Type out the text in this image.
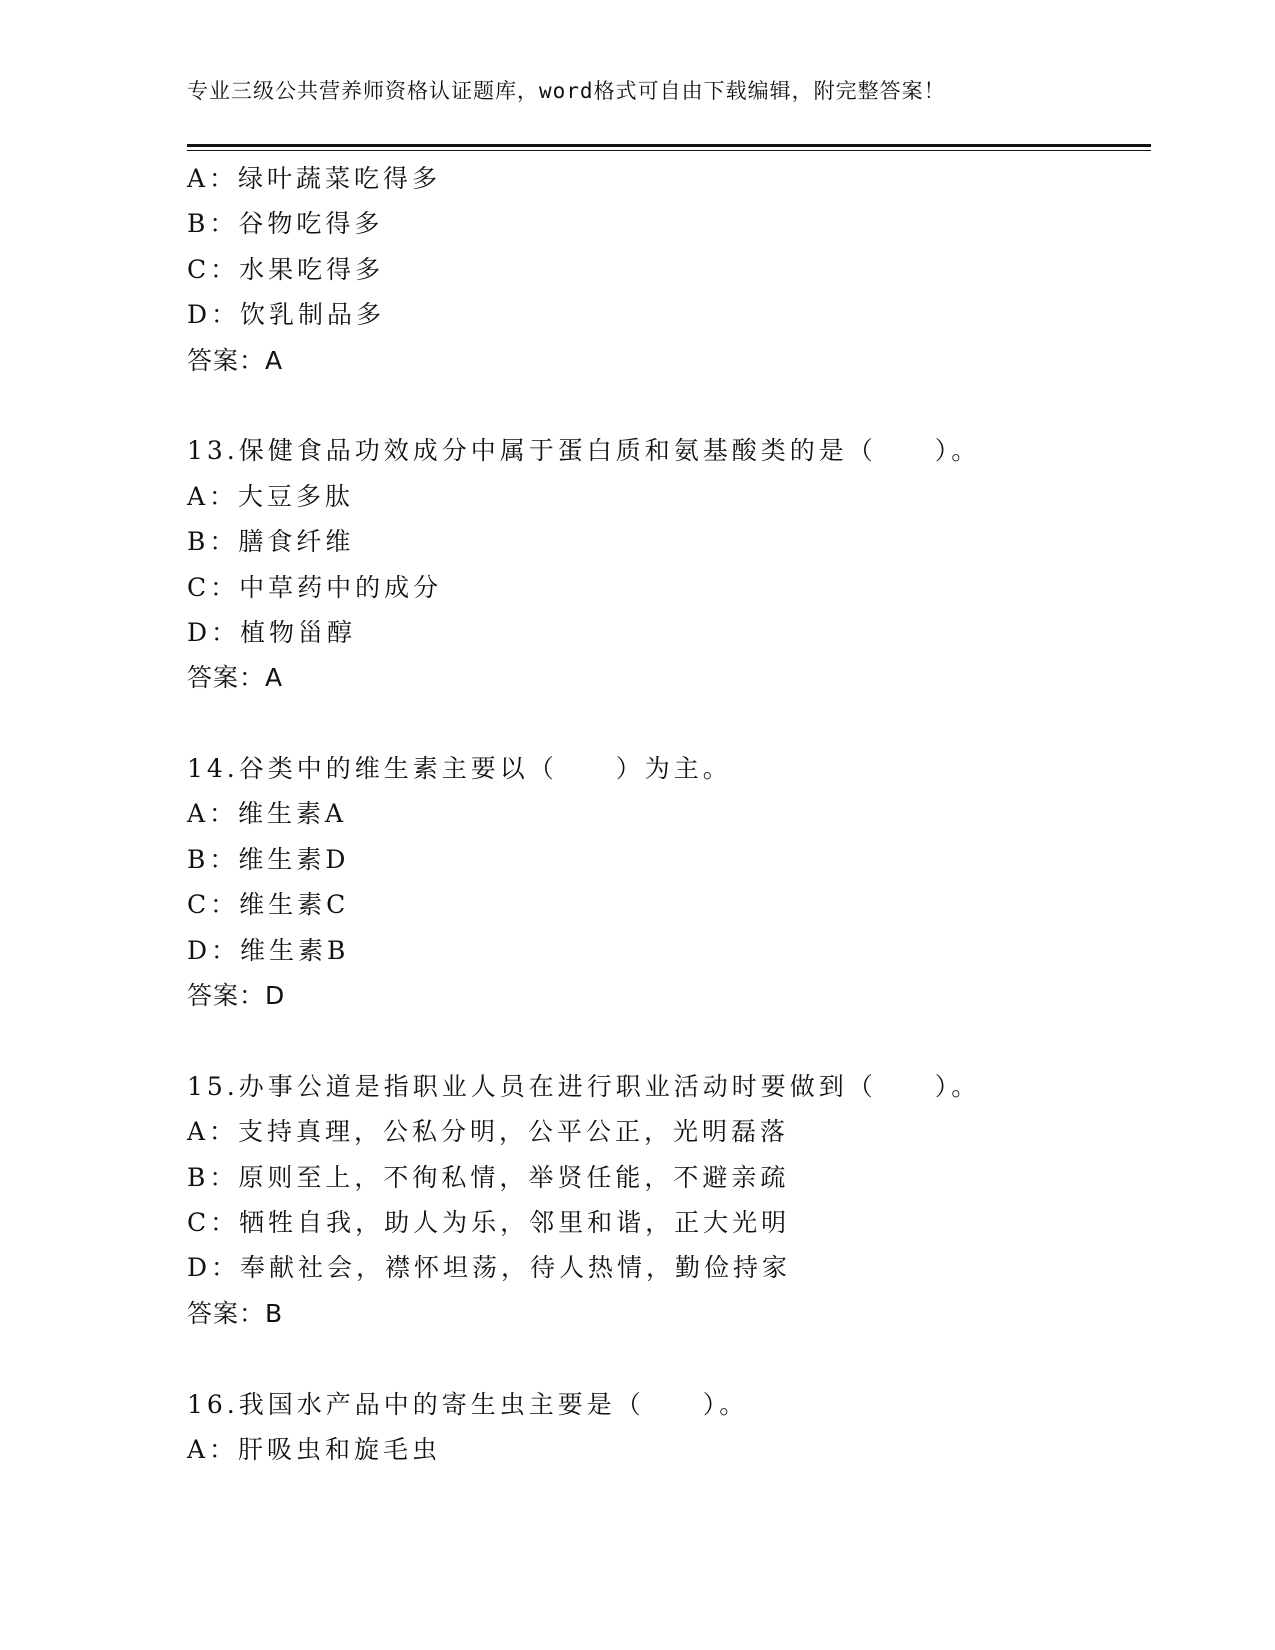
专业三级公共营养师资格认证题库，word格式可自由下载编辑，附完整答案！
A：绿叶蔬菜吃得多
B：谷物吃得多
C：水果吃得多
D：饮乳制品多
答案：A
13.保健食品功效成分中属于蛋白质和氨基酸类的是（　　）。
A：大豆多肽
B：膳食纤维
C：中草药中的成分
D：植物甾醇
答案：A
14.谷类中的维生素主要以（　　）为主。
A：维生素A
B：维生素D
C：维生素C
D：维生素B
答案：D
15.办事公道是指职业人员在进行职业活动时要做到（　　）。
A：支持真理，公私分明，公平公正，光明磊落
B：原则至上，不徇私情，举贤任能，不避亲疏
C：牺牲自我，助人为乐，邻里和谐，正大光明
D：奉献社会，襟怀坦荡，待人热情，勤俭持家
答案：B
16.我国水产品中的寄生虫主要是（　　）。
A：肝吸虫和旋毛虫
